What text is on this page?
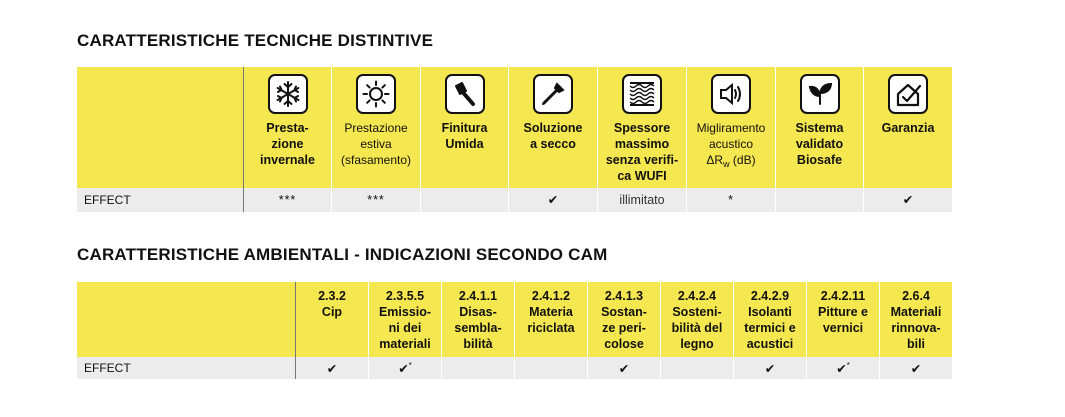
CARATTERISTICHE TECNICHE DISTINTIVE

	Presta-
zione
invernale	Prestazione
estiva
(sfasamento)	Finitura
Umida	Soluzione
a secco	Spessore
massimo
senza verifi-
ca WUFI	Migliramento
acustico
$\Delta R_w$ (dB)	Sistema
validato
Biosafe	Garanzia

EFFECT	***	***		✔	illimitato	*		✔
CARATTERISTICHE AMBIENTALI - INDICAZIONI SECONDO CAM

	2.3.2
Cip	2.3.5.5
Emissio-
ni dei
materiali	2.4.1.1
Disas-
sembla-
bilità	2.4.1.2
Materia
riciclata	2.4.1.3
Sostan-
ze peri-
colose	2.4.2.4
Sosteni-
bilità del
legno	2.4.2.9
Isolanti
termici e
acustici	2.4.2.11
Pitture e
vernici	2.6.4
Materiali
rinnova-
bili

EFFECT	✔	✔*			✔		✔	✔*	✔
